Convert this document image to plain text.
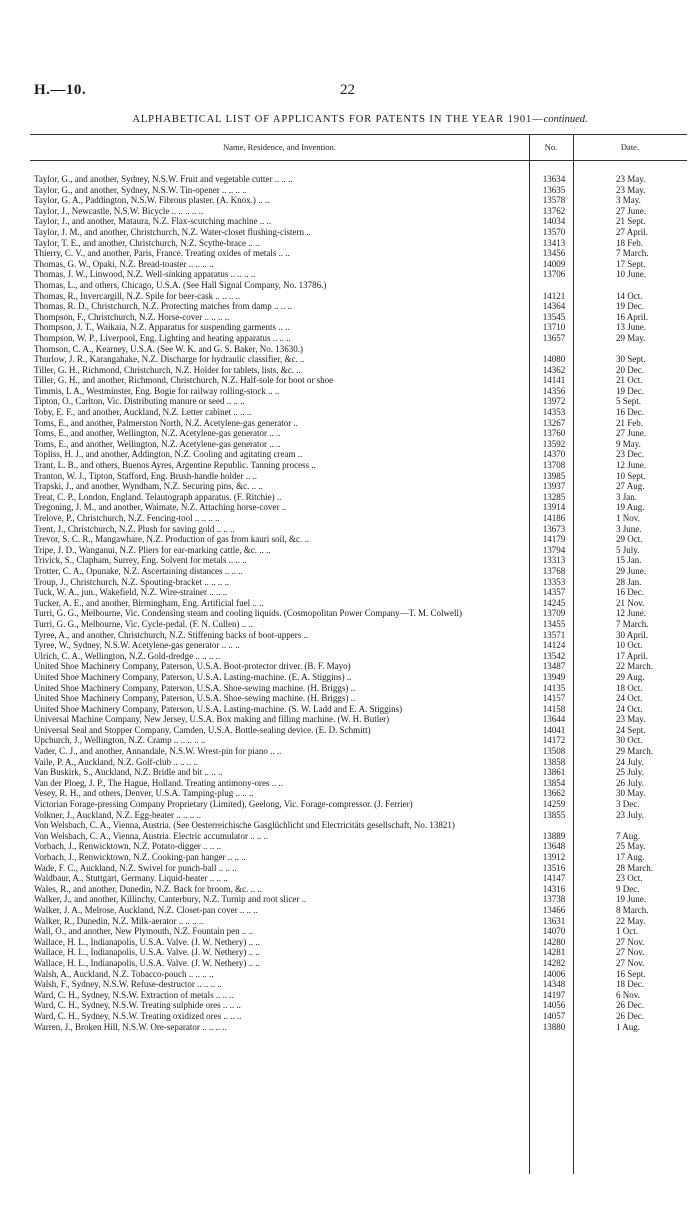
H.—10.	22
ALPHABETICAL LIST OF APPLICANTS FOR PATENTS IN THE YEAR 1901—continued.
Name, Residence, and Invention.	No.	Date.
Taylor, G., and another, Sydney, N.S.W. Fruit and vegetable cutter .. .. ..	13634	23 May.
Taylor, G., and another, Sydney, N.S.W. Tin-opener .. .. .. ..	13635	23 May.
Taylor, G. A., Paddington, N.S.W. Fibrous plaster. (A. Knox.) .. ..	13578	3 May.
Taylor, J., Newcastle, N.S.W. Bicycle .. .. .. .. ..	13762	27 June.
Taylor, J., and another, Mataura, N.Z. Flax-scutching machine .. ..	14034	21 Sept.
Taylor, J. M., and another, Christchurch, N.Z. Water-closet flushing-cistern ..	13570	27 April.
Taylor, T. E., and another, Christchurch, N.Z. Scythe-brace .. ..	13413	18 Feb.
Thierry, C. V., and another, Paris, France. Treating oxides of metals .. ..	13456	7 March.
Thomas, G. W., Opaki, N.Z. Bread-toaster .. .. .. ..	14009	17 Sept.
Thomas, J. W., Linwood, N.Z. Well-sinking apparatus .. .. .. ..	13706	10 June.
Thomas, L., and others, Chicago, U.S.A. (See Hall Signal Company, No. 13786.)
Thomas, R., Invercargill, N.Z. Spile for beer-cask .. .. .. ..	14121	14 Oct.
Thomas, R. D., Christchurch, N.Z. Protecting matches from damp .. .. ..	14364	19 Dec.
Thompson, F., Christchurch, N.Z. Horse-cover .. .. .. ..	13545	16 April.
Thompson, J. T., Waikaia, N.Z. Apparatus for suspending garments .. ..	13710	13 June.
Thompson, W. P., Liverpool, Eng. Lighting and heating apparatus .. .. ..	13657	29 May.
Thomson, C. A., Kearney, U.S.A. (See W. K. and G. S. Baker, No. 13630.)
Thurlow, J. R., Karangahake, N.Z. Discharge for hydraulic classifier, &c. ..	14080	30 Sept.
Tiller, G. H., Richmond, Christchurch, N.Z. Holder for tablets, lists, &c. ..	14362	20 Dec.
Tiller, G. H., and another, Richmond, Christchurch, N.Z. Half-sole for boot or shoe	14141	21 Oct.
Timmis, I. A., Westminster, Eng. Bogie for railway rolling-stock .. ..	14356	19 Dec.
Tipton, O., Carlton, Vic. Distributing manure or seed .. .. ..	13972	5 Sept.
Toby, E. F., and another, Auckland, N.Z. Letter cabinet .. .. ..	14353	16 Dec.
Toms, E., and another, Palmerston North, N.Z. Acetylene-gas generator ..	13267	21 Feb.
Toms, E., and another, Wellington, N.Z. Acetylene-gas generator .. ..	13760	27 June.
Toms, E., and another, Wellington, N.Z. Acetylene-gas generator .. ..	13592	9 May.
Topliss, H. J., and another, Addington, N.Z. Cooling and agitating cream ..	14370	23 Dec.
Trant, L. B., and others, Buenos Ayres, Argentine Republic. Tanning process ..	13708	12 June.
Tranton, W. J., Tipton, Stafford, Eng. Brush-handle holder .. ..	13985	10 Sept.
Trapski, J., and another, Wyndham, N.Z. Securing pins, &c. .. ..	13937	27 Aug.
Treat, C. P., London, England. Telautograph apparatus. (F. Ritchie) ..	13285	3 Jan.
Tregoning, J. M., and another, Waimate, N.Z. Attaching horse-cover ..	13914	19 Aug.
Trelove, P., Christchurch, N.Z. Fencing-tool .. .. .. ..	14186	1 Nov.
Trent, J., Christchurch, N.Z. Plush for saving gold .. .. ..	13673	3 June.
Trevor, S. C. R., Mangawhare, N.Z. Production of gas from kauri soil, &c. ..	14179	29 Oct.
Tripe, J. D., Wanganui, N.Z. Pliers for ear-marking cattle, &c. .. ..	13794	5 July.
Trivick, S., Clapham, Surrey, Eng. Solvent for metals .. .. ..	13313	15 Jan.
Trotter, C. A., Opunake, N.Z. Ascertaining distances .. .. ..	13768	29 June.
Troup, J., Christchurch, N.Z. Spouting-bracket .. .. .. ..	13353	28 Jan.
Tuck, W. A., jun., Wakefield, N.Z. Wire-strainer .. .. ..	14357	16 Dec.
Tucker, A. E., and another, Birmingham, Eng. Artificial fuel .. ..	14245	21 Nov.
Turri, G. G., Melbourne, Vic. Condensing steam and cooling liquids. (Cosmopolitan Power Company—T. M. Colwell)	13709	12 June.
Turri, G. G., Melbourne, Vic. Cycle-pedal. (F. N. Cullen) .. ..	13455	7 March.
Tyree, A., and another, Christchurch, N.Z. Stiffening backs of boot-uppers ..	13571	30 April.
Tyree, W., Sydney, N.S.W. Acetylene-gas generator .. .. ..	14124	10 Oct.
Ulrich, C. A., Wellington, N.Z. Gold-dredge .. .. .. ..	13542	17 April.
United Shoe Machinery Company, Paterson, U.S.A. Boot-protector driver. (B. F. Mayo)	13487	22 March.
United Shoe Machinery Company, Paterson, U.S.A. Lasting-machine. (E. A. Stiggins) ..	13949	29 Aug.
United Shoe Machinery Company, Paterson, U.S.A. Shoe-sewing machine. (H. Briggs) ..	14135	18 Oct.
United Shoe Machinery Company, Paterson, U.S.A. Shoe-sewing machine. (H. Briggs) ..	14157	24 Oct.
United Shoe Machinery Company, Paterson, U.S.A. Lasting-machine. (S. W. Ladd and E. A. Stiggins)	14158	24 Oct.
Universal Machine Company, New Jersey, U.S.A. Box making and filling machine. (W. H. Butler)	13644	23 May.
Universal Seal and Stopper Company, Camden, U.S.A. Bottle-sealing device. (E. D. Schmitt)	14041	24 Sept.
Upchurch, J., Wellington, N.Z. Cramp .. .. .. .. ..	14172	30 Oct.
Vader, C. J., and another, Annandale, N.S.W. Wrest-pin for piano .. ..	13508	29 March.
Vaile, P. A., Auckland, N.Z. Golf-club .. .. .. ..	13858	24 July.
Van Buskirk, S., Auckland, N.Z. Bridle and bit .. .. ..	13861	25 July.
Van der Ploeg, J. P., The Hague, Holland. Treating antimony-ores .. ..	13854	26 July.
Vesey, R. H., and others, Denver, U.S.A. Tamping-plug .. .. ..	13662	30 May.
Victorian Forage-pressing Company Proprietary (Limited), Geelong, Vic. Forage-compressor. (J. Ferrier)	14259	3 Dec.
Volkner, J., Auckland, N.Z. Egg-beater .. .. .. ..	13855	23 July.
Von Welsbach, C. A., Vienna, Austria. (See Oesterreichische Gasglüchlicht und Electricitäts gesellschaft, No. 13821)
Von Welsbach, C. A., Vienna, Austria. Electric accumulator .. .. ..	13889	7 Aug.
Vorbach, J., Renwicktown, N.Z. Potato-digger .. .. ..	13648	25 May.
Vorbach, J., Renwicktown, N.Z. Cooking-pan hanger .. .. ..	13912	17 Aug.
Wade, F. C., Auckland, N.Z. Swivel for punch-ball .. .. ..	13516	28 March.
Waldbaur, A., Stuttgart, Germany. Liquid-heater .. .. ..	14147	23 Oct.
Wales, R., and another, Dunedin, N.Z. Back for broom, &c. .. ..	14316	9 Dec.
Walker, J., and another, Killinchy, Canterbury, N.Z. Turnip and root slicer ..	13738	19 June.
Walker, J. A., Melrose, Auckland, N.Z. Closet-pan cover .. .. ..	13466	8 March.
Walker, R., Dunedin, N.Z. Milk-aerator .. .. .. ..	13631	22 May.
Wall, O., and another, New Plymouth, N.Z. Fountain pen .. ..	14070	1 Oct.
Wallace, H. L., Indianapolis, U.S.A. Valve. (J. W. Nethery) .. ..	14280	27 Nov.
Wallace, H. L., Indianapolis, U.S.A. Valve. (J. W. Nethery) .. ..	14281	27 Nov.
Wallace, H. L., Indianapolis, U.S.A. Valve. (J. W. Nethery) .. ..	14282	27 Nov.
Walsh, A., Auckland, N.Z. Tobacco-pouch .. .. .. ..	14006	16 Sept.
Walsh, F., Sydney, N.S.W. Refuse-destructor .. .. .. ..	14348	18 Dec.
Ward, C. H., Sydney, N.S.W. Extraction of metals .. .. ..	14197	6 Nov.
Ward, C. H., Sydney, N.S.W. Treating sulphide ores .. .. ..	14056	26 Dec.
Ward, C. H., Sydney, N.S.W. Treating oxidized ores .. .. ..	14057	26 Dec.
Warren, J., Broken Hill, N.S.W. Ore-separator .. .. .. ..	13880	1 Aug.
